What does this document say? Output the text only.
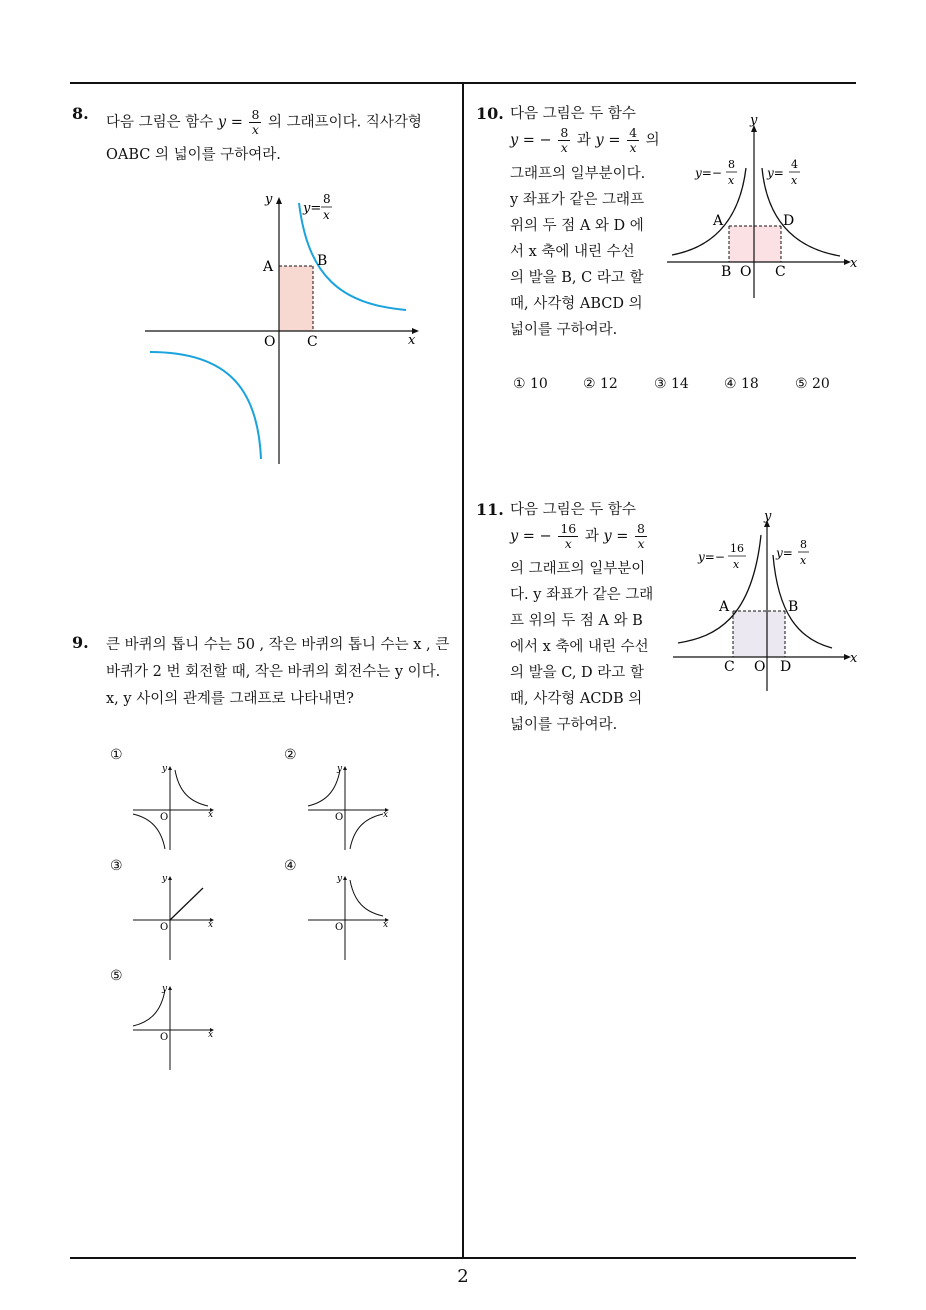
8. 다음 그림은 함수 $y = \frac{8}{x}$ 의 그래프이다. 직사각형
OABC 의 넓이를 구하여라.
y
x
y=
8
x
A	B
O C
9. 큰 바퀴의 톱니 수는 50 , 작은 바퀴의 톱니 수는 x , 큰
바퀴가 2 번 회전할 때, 작은 바퀴의 회전수는 y 이다.
x, y 사이의 관계를 그래프로 나타내면?
①
y
x
O
②
y
x
O
③
y
x
O
④
y
x
O
⑤
y
x
O
10. 다음 그림은 두 함수
y = − $\frac{8}{x}$ 과 $y = \frac{4}{x}$ 의
그래프의 일부분이다.
y 좌표가 같은 그래프
위의 두 점 A 와 D 에
서 x 축에 내린 수선
의 발을 B, C 라고 할
때, 사각형 ABCD 의
넓이를 구하여라.
y
x
y=−
8
x
y=
4
x
A	D
B O C
① 10	② 12	③ 14	④ 18	⑤ 20
11. 다음 그림은 두 함수
y = − $\frac{16}{x}$ 과 $y = \frac{8}{x}$
의 그래프의 일부분이
다. y 좌표가 같은 그래
프 위의 두 점 A 와 B
에서 x 축에 내린 수선
의 발을 C, D 라고 할
때, 사각형 ACDB 의
넓이를 구하여라.
y
x
y=−
16
x
y=
8
x
A	B
C O D
2
